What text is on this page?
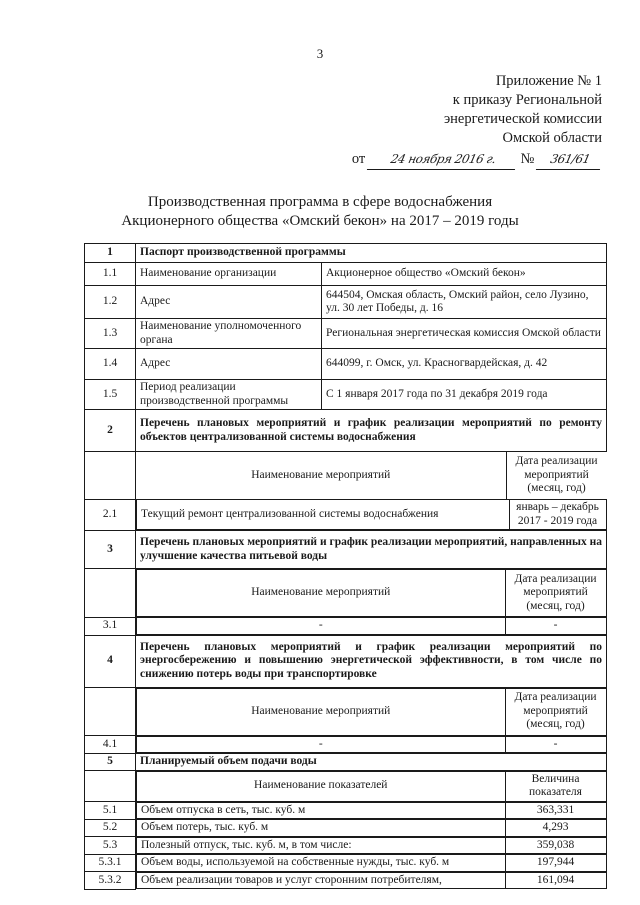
3
Приложение № 1
к приказу Региональной
энергетической комиссии
Омской области
от 24 ноября 2016 г. № 361/61
Производственная программа в сфере водоснабжения
Акционерного общества «Омский бекон» на 2017 – 2019 годы
1	Паспорт производственной программы
1.1	Наименование организации	Акционерное общество «Омский бекон»
1.2	Адрес	644504, Омская область, Омский район, село Лузино, ул. 30 лет Победы, д. 16
1.3	Наименование уполномоченного органа	Региональная энергетическая комиссия Омской области
1.4	Адрес	644099, г. Омск, ул. Красногвардейская, д. 42
1.5	Период реализации производственной программы	С 1 января 2017 года по 31 декабря 2019 года
2	Перечень плановых мероприятий и график реализации мероприятий по ремонту объектов централизованной системы водоснабжения

Наименование мероприятий	Дата реализации мероприятий (месяц, год)

2.1	Текущий ремонт централизованной системы водоснабжения	январь – декабрь 2017 - 2019 года

3	Перечень плановых мероприятий и график реализации мероприятий, направленных на улучшение качества питьевой воды

Наименование мероприятий	Дата реализации мероприятий (месяц, год)

3.1		-	-

4	Перечень плановых мероприятий и график реализации мероприятий по энергосбережению и повышению энергетической эффективности, в том числе по снижению потерь воды при транспортировке

Наименование мероприятий	Дата реализации мероприятий (месяц, год)

4.1		-	-

5	Планируемый объем подачи воды

Наименование показателей	Величина показателя

5.1	Объем отпуска в сеть, тыс. куб. м	363,331

5.2	Объем потерь, тыс. куб. м	4,293

5.3	Полезный отпуск, тыс. куб. м, в том числе:	359,038

5.3.1	Объем воды, используемой на собственные нужды, тыс. куб. м	197,944

5.3.2	Объем реализации товаров и услуг сторонним потребителям,	161,094
